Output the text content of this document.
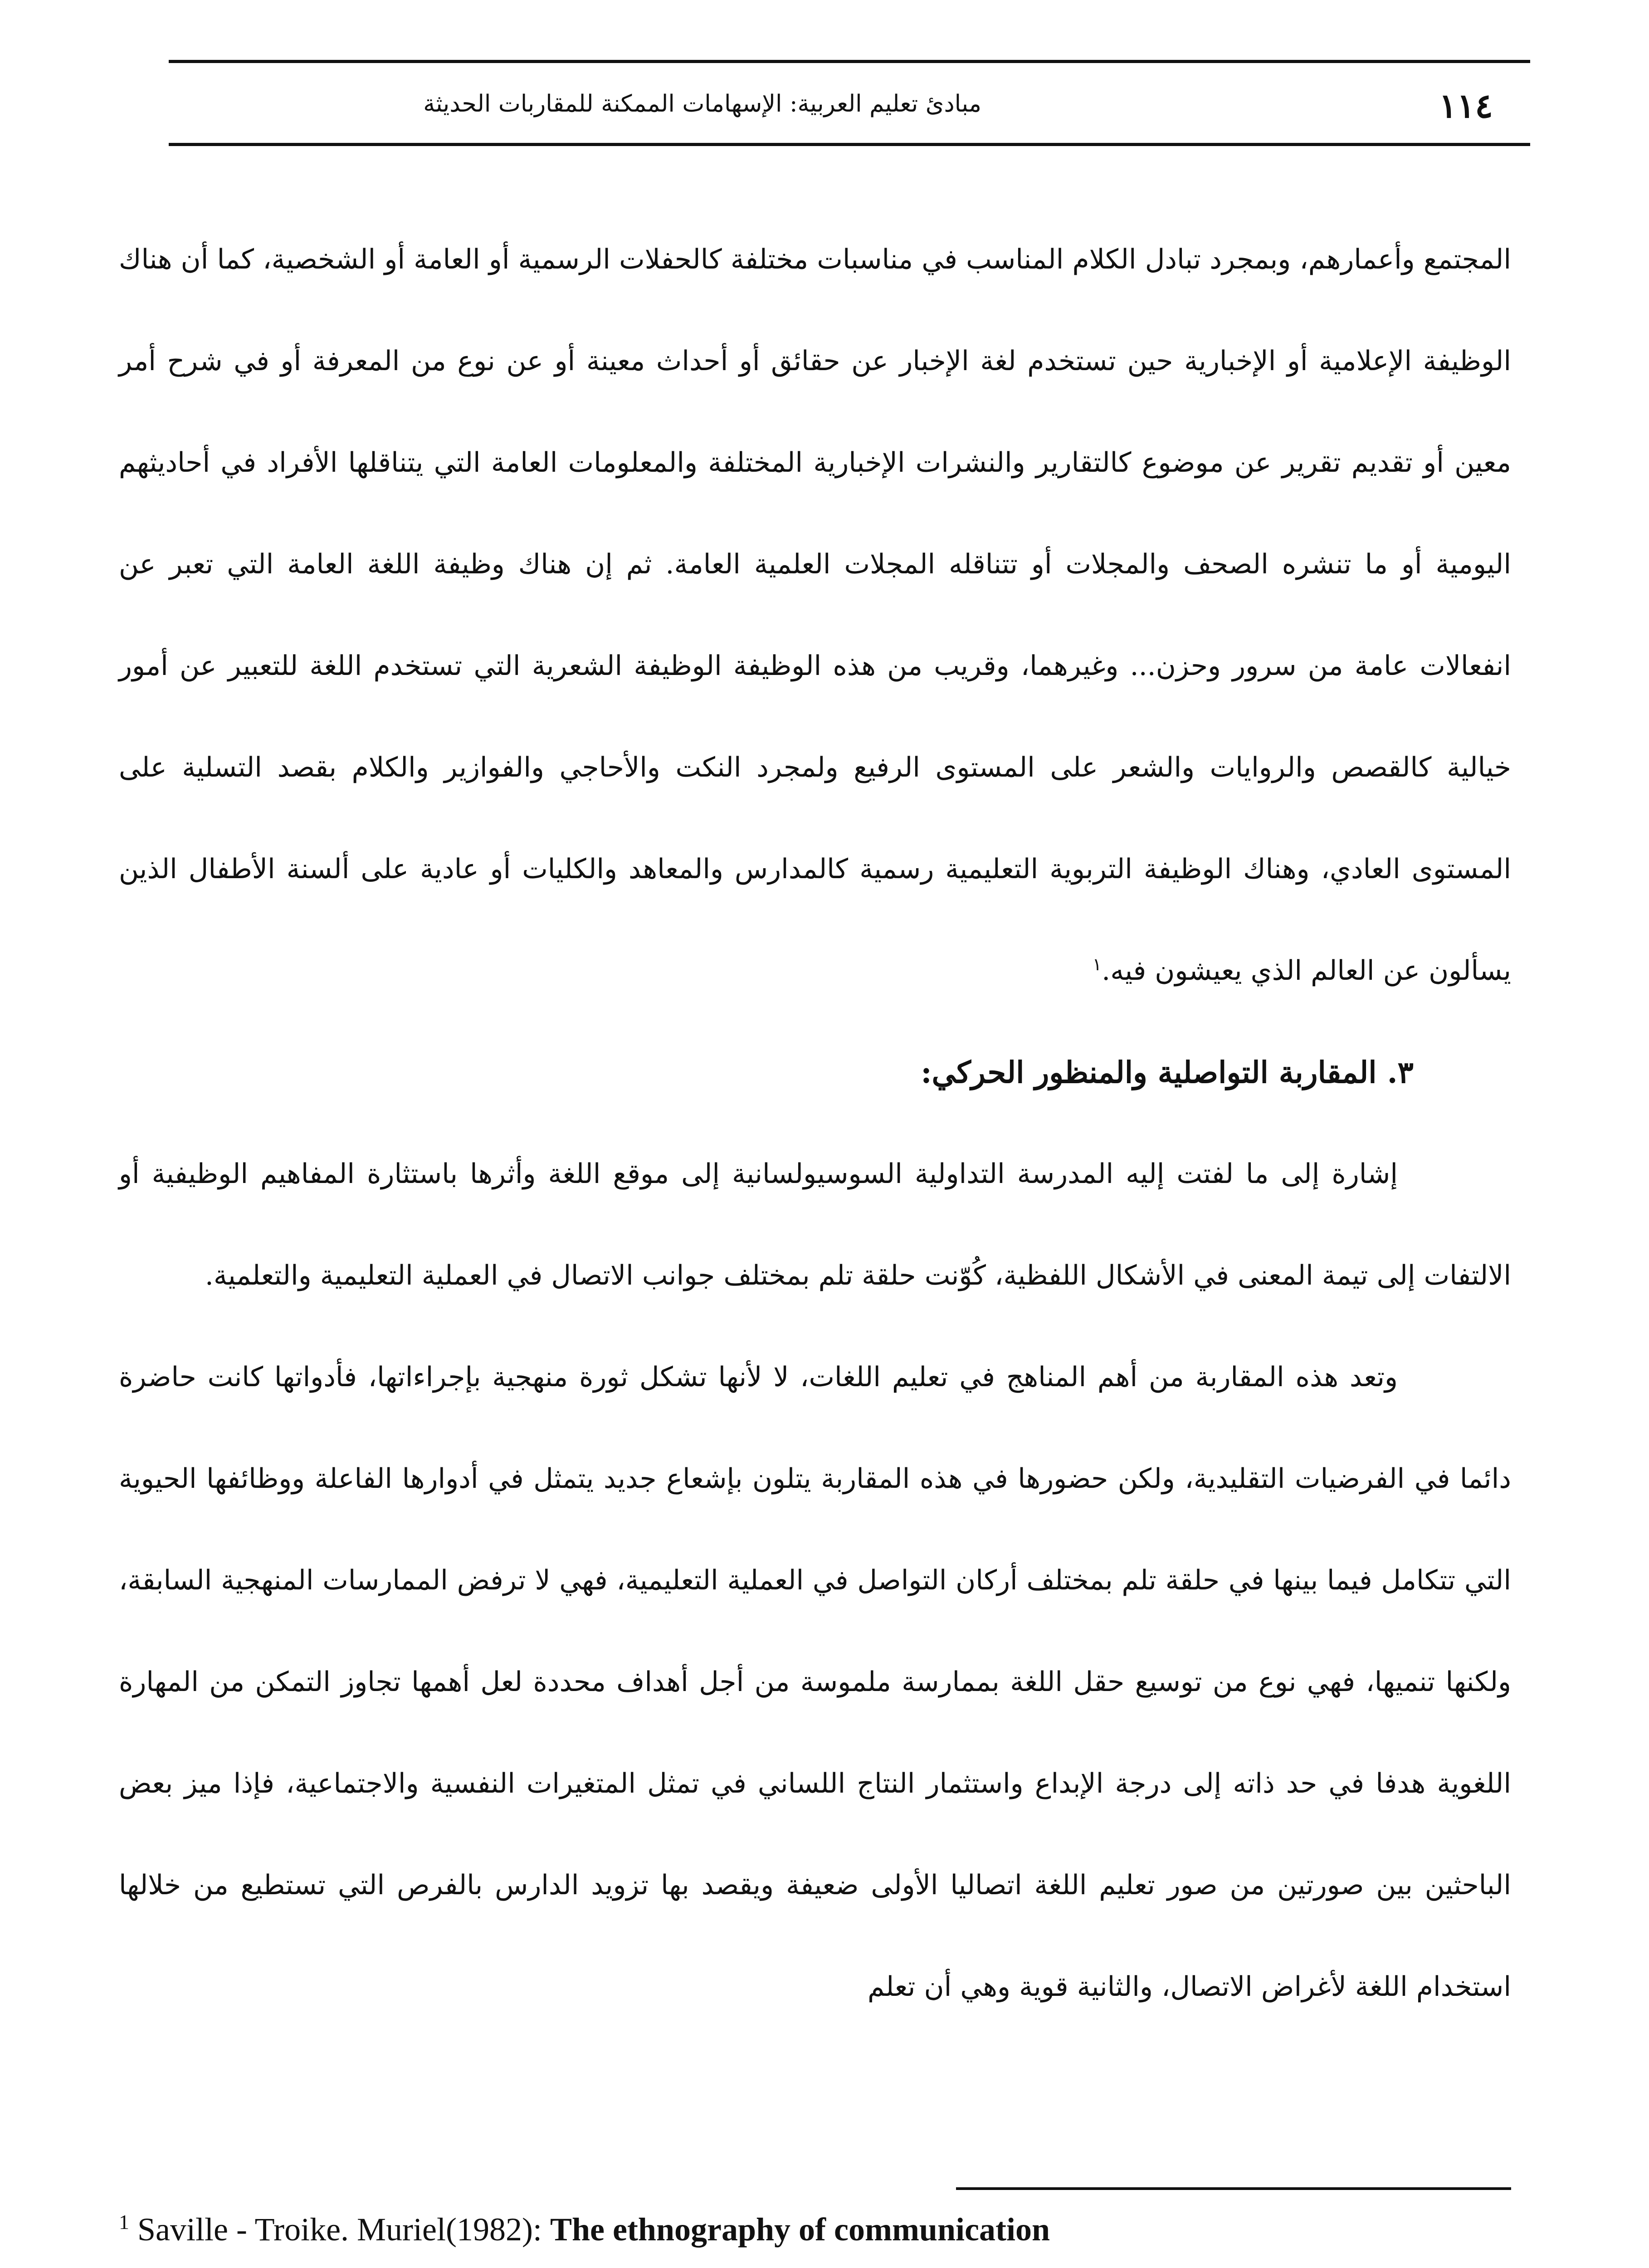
١١٤
مبادئ تعليم العربية: الإسهامات الممكنة للمقاربات الحديثة

المجتمع وأعمارهم، وبمجرد تبادل الكلام المناسب في مناسبات مختلفة كالحفلات الرسمية أو العامة أو الشخصية، كما أن هناك الوظيفة الإعلامية أو الإخبارية حين تستخدم لغة الإخبار عن حقائق أو أحداث معينة أو عن نوع من المعرفة أو في شرح أمر معين أو تقديم تقرير عن موضوع كالتقارير والنشرات الإخبارية المختلفة والمعلومات العامة التي يتناقلها الأفراد في أحاديثهم اليومية أو ما تنشره الصحف والمجلات أو تتناقله المجلات العلمية العامة. ثم إن هناك وظيفة اللغة العامة التي تعبر عن انفعالات عامة من سرور وحزن... وغيرهما، وقريب من هذه الوظيفة الوظيفة الشعرية التي تستخدم اللغة للتعبير عن أمور خيالية كالقصص والروايات والشعر على المستوى الرفيع ولمجرد النكت والأحاجي والفوازير والكلام بقصد التسلية على المستوى العادي، وهناك الوظيفة التربوية التعليمية رسمية كالمدارس والمعاهد والكليات أو عادية على ألسنة الأطفال الذين يسألون عن العالم الذي يعيشون فيه.$^١$

٣. المقاربة التواصلية والمنظور الحركي:

إشارة إلى ما لفتت إليه المدرسة التداولية السوسيولسانية إلى موقع اللغة وأثرها باستثارة المفاهيم الوظيفية أو الالتفات إلى تيمة المعنى في الأشكال اللفظية، كُوّنت حلقة تلم بمختلف جوانب الاتصال في العملية التعليمية والتعلمية.

وتعد هذه المقاربة من أهم المناهج في تعليم اللغات، لا لأنها تشكل ثورة منهجية بإجراءاتها، فأدواتها كانت حاضرة دائما في الفرضيات التقليدية، ولكن حضورها في هذه المقاربة يتلون بإشعاع جديد يتمثل في أدوارها الفاعلة ووظائفها الحيوية التي تتكامل فيما بينها في حلقة تلم بمختلف أركان التواصل في العملية التعليمية، فهي لا ترفض الممارسات المنهجية السابقة، ولكنها تنميها، فهي نوع من توسيع حقل اللغة بممارسة ملموسة من أجل أهداف محددة لعل أهمها تجاوز التمكن من المهارة اللغوية هدفا في حد ذاته إلى درجة الإبداع واستثمار النتاج اللساني في تمثل المتغيرات النفسية والاجتماعية، فإذا ميز بعض الباحثين بين صورتين من صور تعليم اللغة اتصاليا الأولى ضعيفة ويقصد بها تزويد الدارس بالفرص التي تستطيع من خلالها استخدام اللغة لأغراض الاتصال، والثانية قوية وهي أن تعلم

$^1$ Saville - Troike. Muriel(1982): The ethnography of communication
